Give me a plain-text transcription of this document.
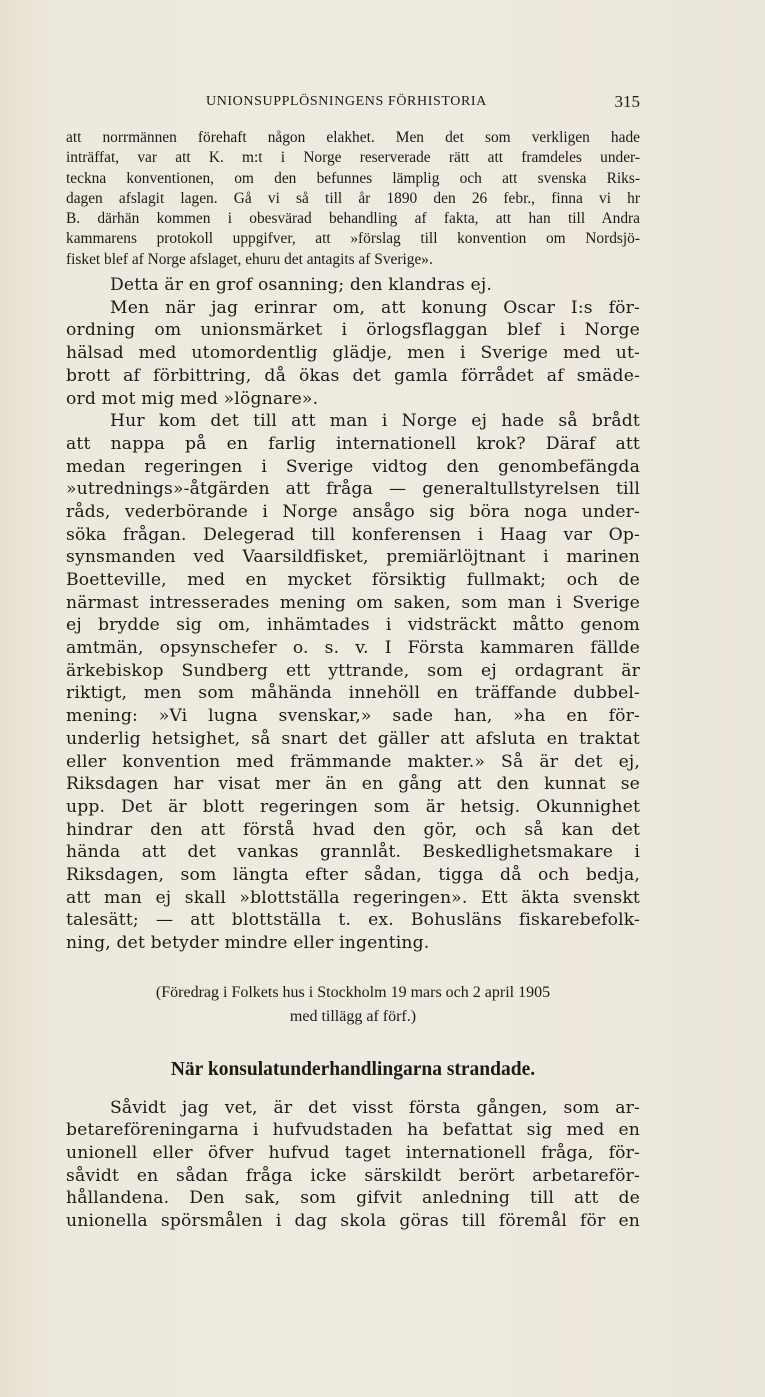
UNIONSUPPLÖSNINGENS FÖRHISTORIA	315
att norrmännen förehaft någon elakhet. Men det som verkligen hade
inträffat, var att K. m:t i Norge reserverade rätt att framdeles under-
teckna konventionen, om den befunnes lämplig och att svenska Riks-
dagen afslagit lagen. Gå vi så till år 1890 den 26 febr., finna vi hr
B. därhän kommen i obesvärad behandling af fakta, att han till Andra
kammarens protokoll uppgifver, att »förslag till konvention om Nordsjö-
fisket blef af Norge afslaget, ehuru det antagits af Sverige».
Detta är en grof osanning; den klandras ej.
Men när jag erinrar om, att konung Oscar I:s för-
ordning om unionsmärket i örlogsflaggan blef i Norge
hälsad med utomordentlig glädje, men i Sverige med ut-
brott af förbittring, då ökas det gamla förrådet af smäde-
ord mot mig med »lögnare».
Hur kom det till att man i Norge ej hade så brådt
att nappa på en farlig internationell krok? Däraf att
medan regeringen i Sverige vidtog den genombefängda
»utrednings»-åtgärden att fråga — generaltullstyrelsen till
råds, vederbörande i Norge ansågo sig böra noga under-
söka frågan. Delegerad till konferensen i Haag var Op-
synsmanden ved Vaarsildfisket, premiärlöjtnant i marinen
Boetteville, med en mycket försiktig fullmakt; och de
närmast intresserades mening om saken, som man i Sverige
ej brydde sig om, inhämtades i vidsträckt måtto genom
amtmän, opsynschefer o. s. v. I Första kammaren fällde
ärkebiskop Sundberg ett yttrande, som ej ordagrant är
riktigt, men som måhända innehöll en träffande dubbel-
mening: »Vi lugna svenskar,» sade han, »ha en för-
underlig hetsighet, så snart det gäller att afsluta en traktat
eller konvention med främmande makter.» Så är det ej,
Riksdagen har visat mer än en gång att den kunnat se
upp. Det är blott regeringen som är hetsig. Okunnighet
hindrar den att förstå hvad den gör, och så kan det
hända att det vankas grannlåt. Beskedlighetsmakare i
Riksdagen, som längta efter sådan, tigga då och bedja,
att man ej skall »blottställa regeringen». Ett äkta svenskt
talesätt; — att blottställa t. ex. Bohusläns fiskarebefolk-
ning, det betyder mindre eller ingenting.
(Föredrag i Folkets hus i Stockholm 19 mars och 2 april 1905
med tillägg af förf.)
När konsulatunderhandlingarna strandade.
Såvidt jag vet, är det visst första gången, som ar-
betareföreningarna i hufvudstaden ha befattat sig med en
unionell eller öfver hufvud taget internationell fråga, för-
såvidt en sådan fråga icke särskildt berört arbetareför-
hållandena. Den sak, som gifvit anledning till att de
unionella spörsmålen i dag skola göras till föremål för en
